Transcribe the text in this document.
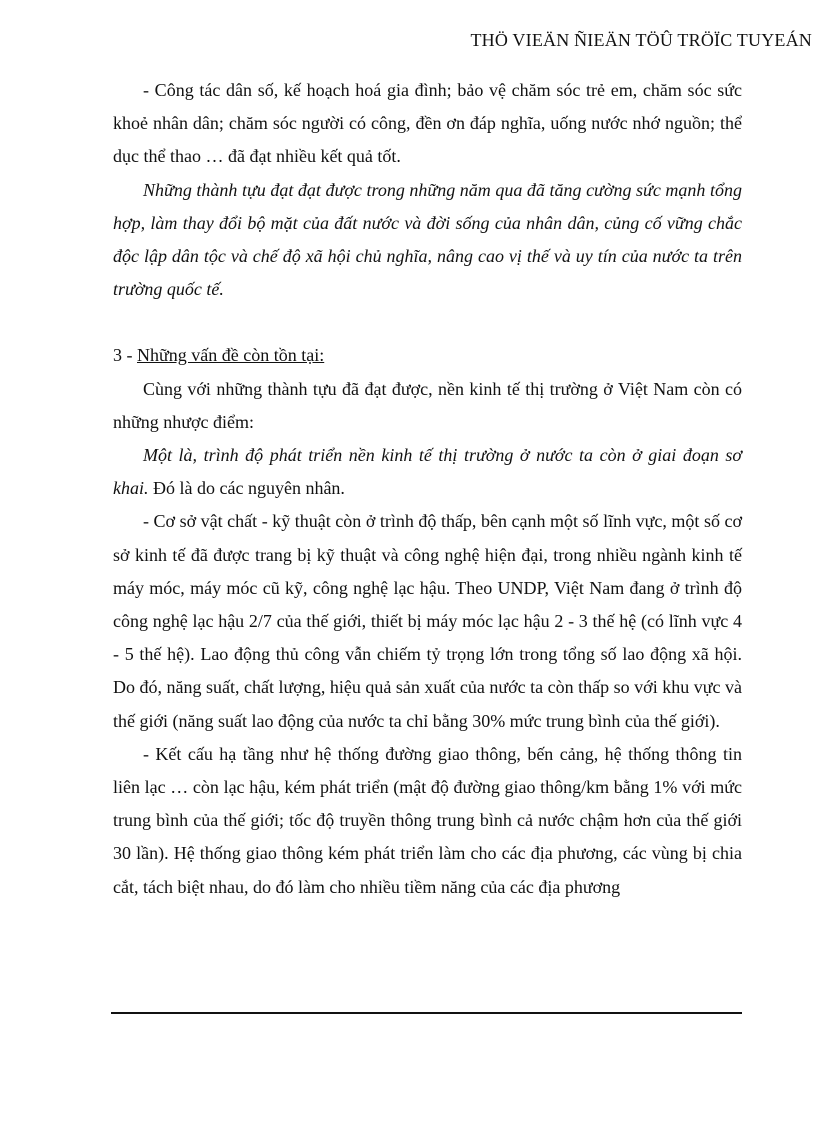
THÖ VIEÄN ÑIEÄN TÖÛ TRÖÏC TUYEÁN

- Công tác dân số, kế hoạch hoá gia đình; bảo vệ chăm sóc trẻ em, chăm sóc sức khoẻ nhân dân; chăm sóc người có công, đền ơn đáp nghĩa, uống nước nhớ nguồn; thể dục thể thao … đã đạt nhiều kết quả tốt.

Những thành tựu đạt đạt được trong những năm qua đã tăng cường sức mạnh tổng hợp, làm thay đổi bộ mặt của đất nước và đời sống của nhân dân, củng cố vững chắc độc lập dân tộc và chế độ xã hội chủ nghĩa, nâng cao vị thế và uy tín của nước ta trên trường quốc tế.

3 - Những vấn đề còn tồn tại:

Cùng với những thành tựu đã đạt được, nền kinh tế thị trường ở Việt Nam còn có những nhược điểm:

Một là, trình độ phát triển nền kinh tế thị trường ở nước ta còn ở giai đoạn sơ khai. Đó là do các nguyên nhân.

- Cơ sở vật chất - kỹ thuật còn ở trình độ thấp, bên cạnh một số lĩnh vực, một số cơ sở kinh tế đã được trang bị kỹ thuật và công nghệ hiện đại, trong nhiều ngành kinh tế máy móc, máy móc cũ kỹ, công nghệ lạc hậu. Theo UNDP, Việt Nam đang ở trình độ công nghệ lạc hậu 2/7 của thế giới, thiết bị máy móc lạc hậu 2 - 3 thế hệ (có lĩnh vực 4 - 5 thế hệ). Lao động thủ công vẫn chiếm tỷ trọng lớn trong tổng số lao động xã hội. Do đó, năng suất, chất lượng, hiệu quả sản xuất của nước ta còn thấp so với khu vực và thế giới (năng suất lao động của nước ta chỉ bằng 30% mức trung bình của thế giới).

- Kết cấu hạ tầng như hệ thống đường giao thông, bến cảng, hệ thống thông tin liên lạc … còn lạc hậu, kém phát triển (mật độ đường giao thông/km bằng 1% với mức trung bình của thế giới; tốc độ truyền thông trung bình cả nước chậm hơn của thế giới 30 lần). Hệ thống giao thông kém phát triển làm cho các địa phương, các vùng bị chia cắt, tách biệt nhau, do đó làm cho nhiều tiềm năng của các địa phương
